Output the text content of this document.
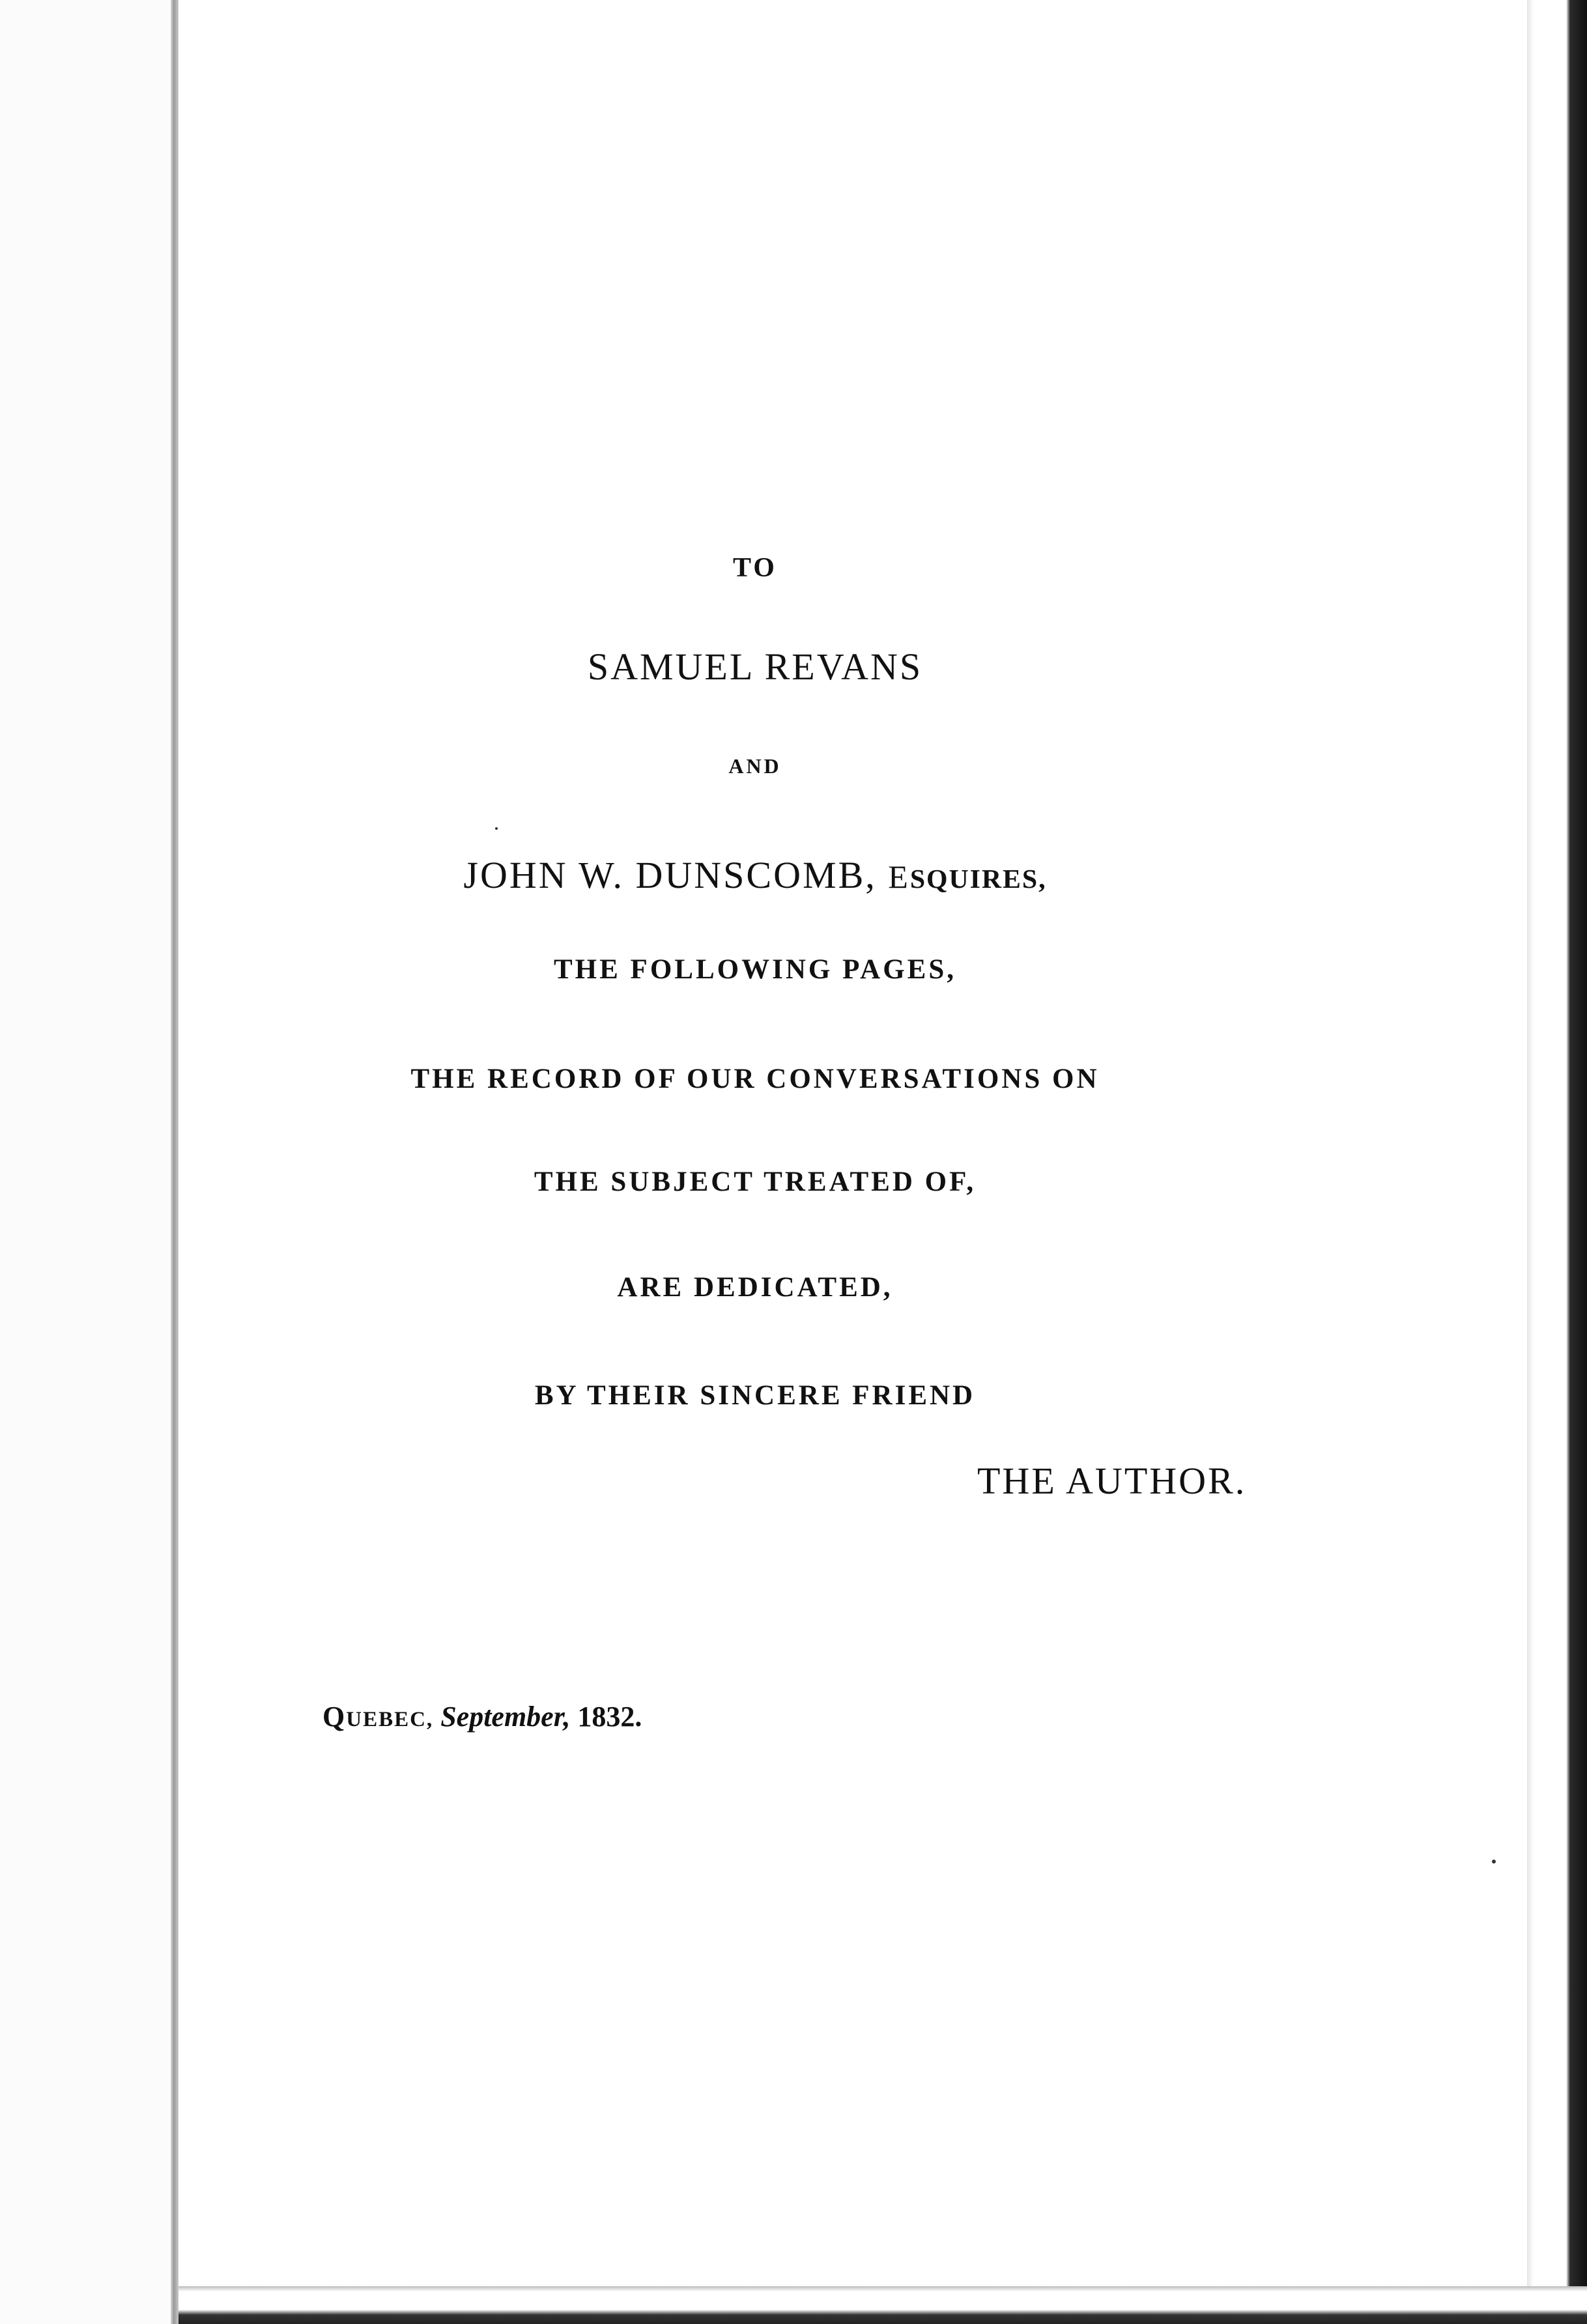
TO

SAMUEL REVANS

AND

JOHN W. DUNSCOMB, ESQUIRES,

THE FOLLOWING PAGES,

THE RECORD OF OUR CONVERSATIONS ON

THE SUBJECT TREATED OF,

ARE DEDICATED,

BY THEIR SINCERE FRIEND

THE AUTHOR.

QUEBEC, September, 1832.
